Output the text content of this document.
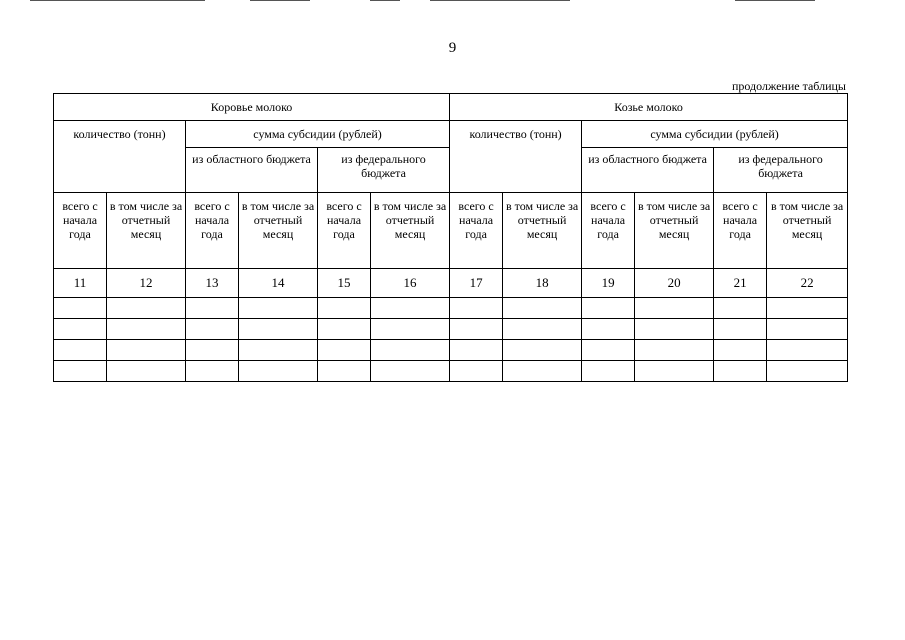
9
продолжение таблицы
Коровье молоко						Козье молоко					
количество (тонн)		сумма субсидии (рублей)				количество (тонн)		сумма субсидии (рублей)			
		из областного бюджета		из федерального бюджета				из областного бюджета		из федерального бюджета	
всего с начала года	в том числе за отчетный месяц	всего с начала года	в том числе за отчетный месяц	всего с начала года	в том числе за отчетный месяц	всего с начала года	в том числе за отчетный месяц	всего с начала года	в том числе за отчетный месяц	всего с начала года	в том числе за отчетный месяц
11	12	13	14	15	16	17	18	19	20	21	22
